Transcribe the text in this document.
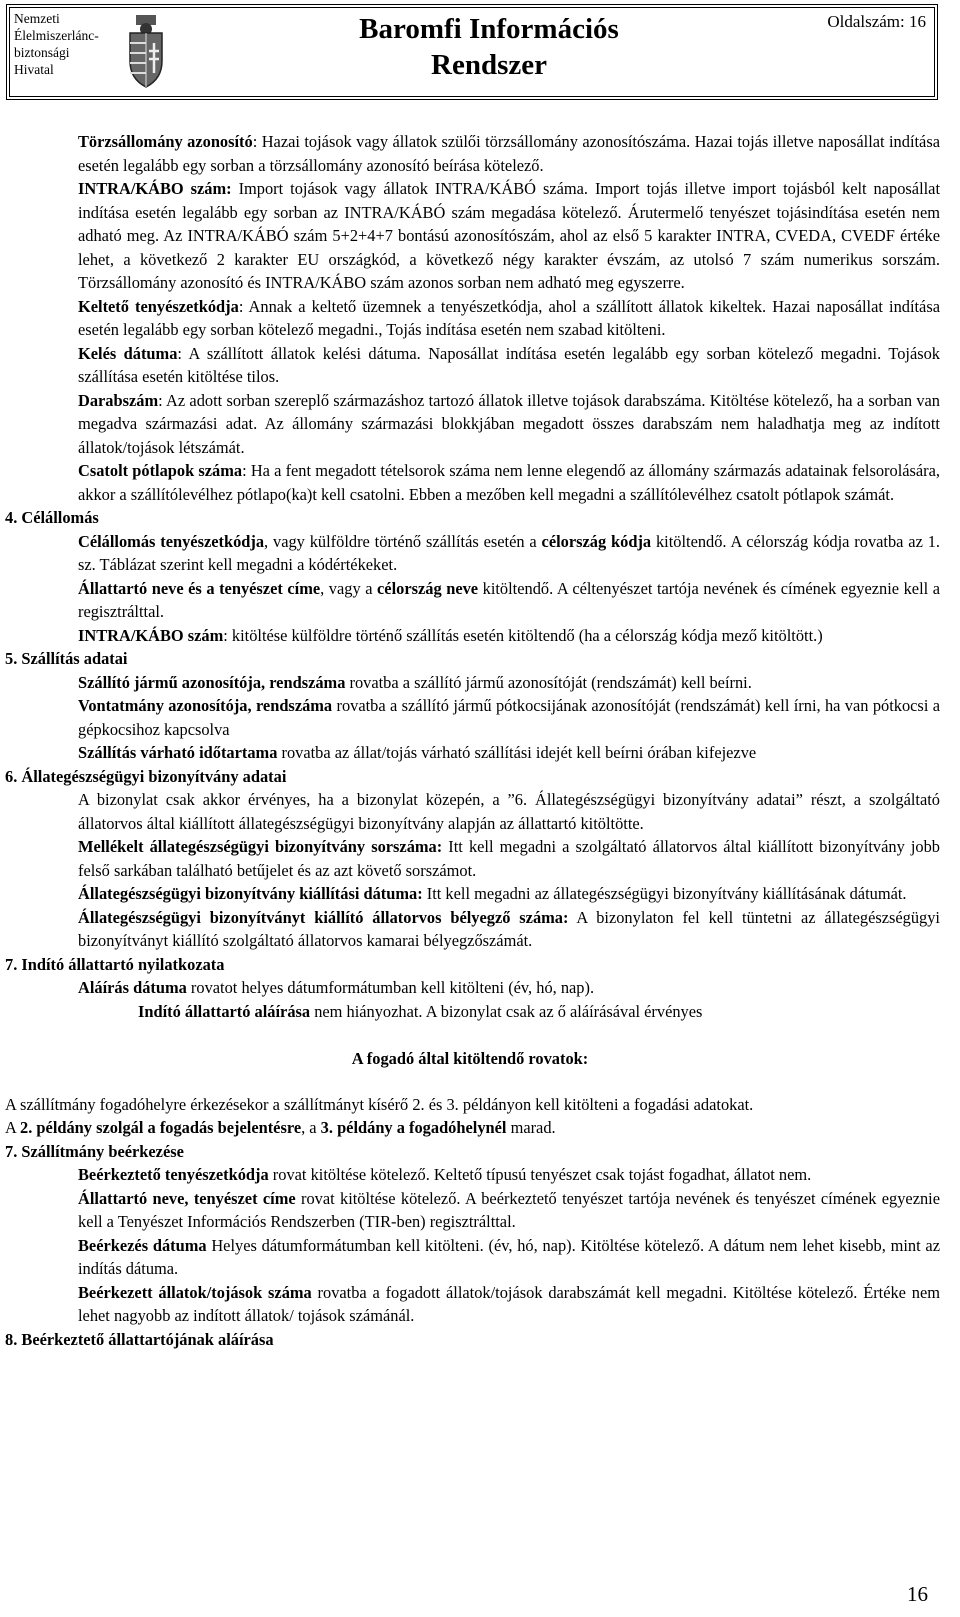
Nemzeti
Élelmiszerlánc-
biztonsági
Hivatal
Baromfi Információs
Rendszer
Oldalszám: 16

Törzsállomány azonosító: Hazai tojások vagy állatok szülői törzsállomány azonosítószáma. Hazai tojás illetve naposállat indítása esetén legalább egy sorban a törzsállomány azonosító beírása kötelező.

INTRA/KÁBO szám: Import tojások vagy állatok INTRA/KÁBÓ száma. Import tojás illetve import tojásból kelt naposállat indítása esetén legalább egy sorban az INTRA/KÁBÓ szám megadása kötelező. Árutermelő tenyészet tojásindítása esetén nem adható meg. Az INTRA/KÁBÓ szám 5+2+4+7 bontású azonosítószám, ahol az első 5 karakter INTRA, CVEDA, CVEDF értéke lehet, a következő 2 karakter EU országkód, a következő négy karakter évszám, az utolsó 7 szám numerikus sorszám. Törzsállomány azonosító és INTRA/KÁBO szám azonos sorban nem adható meg egyszerre.

Keltető tenyészetkódja: Annak a keltető üzemnek a tenyészetkódja, ahol a szállított állatok kikeltek. Hazai naposállat indítása esetén legalább egy sorban kötelező megadni., Tojás indítása esetén nem szabad kitölteni.

Kelés dátuma: A szállított állatok kelési dátuma. Naposállat indítása esetén legalább egy sorban kötelező megadni. Tojások szállítása esetén kitöltése tilos.

Darabszám: Az adott sorban szereplő származáshoz tartozó állatok illetve tojások darabszáma. Kitöltése kötelező, ha a sorban van megadva származási adat. Az állomány származási blokkjában megadott összes darabszám nem haladhatja meg az indított állatok/tojások létszámát.

Csatolt pótlapok száma: Ha a fent megadott tételsorok száma nem lenne elegendő az állomány származás adatainak felsorolására, akkor a szállítólevélhez pótlapo(ka)t kell csatolni. Ebben a mezőben kell megadni a szállítólevélhez csatolt pótlapok számát.

4. Célállomás

Célállomás tenyészetkódja, vagy külföldre történő szállítás esetén a célország kódja kitöltendő. A célország kódja rovatba az 1. sz. Táblázat szerint kell megadni a kódértékeket.

Állattartó neve és a tenyészet címe, vagy a célország neve kitöltendő. A céltenyészet tartója nevének és címének egyeznie kell a regisztrálttal.

INTRA/KÁBO szám: kitöltése külföldre történő szállítás esetén kitöltendő (ha a célország kódja mező kitöltött.)

5. Szállítás adatai

Szállító jármű azonosítója, rendszáma rovatba a szállító jármű azonosítóját (rendszámát) kell beírni.

Vontatmány azonosítója, rendszáma rovatba a szállító jármű pótkocsijának azonosítóját (rendszámát) kell írni, ha van pótkocsi a gépkocsihoz kapcsolva

Szállítás várható időtartama rovatba az állat/tojás várható szállítási idejét kell beírni órában kifejezve

6. Állategészségügyi bizonyítvány adatai

A bizonylat csak akkor érvényes, ha a bizonylat közepén, a ”6. Állategészségügyi bizonyítvány adatai” részt, a szolgáltató állatorvos által kiállított állategészségügyi bizonyítvány alapján az állattartó kitöltötte.

Mellékelt állategészségügyi bizonyítvány sorszáma: Itt kell megadni a szolgáltató állatorvos által kiállított bizonyítvány jobb felső sarkában található betűjelet és az azt követő sorszámot.

Állategészségügyi bizonyítvány kiállítási dátuma: Itt kell megadni az állategészségügyi bizonyítvány kiállításának dátumát.

Állategészségügyi bizonyítványt kiállító állatorvos bélyegző száma: A bizonylaton fel kell tüntetni az állategészségügyi bizonyítványt kiállító szolgáltató állatorvos kamarai bélyegzőszámát.

7. Indító állattartó nyilatkozata

Aláírás dátuma rovatot helyes dátumformátumban kell kitölteni (év, hó, nap).

Indító állattartó aláírása nem hiányozhat. A bizonylat csak az ő aláírásával érvényes

A fogadó által kitöltendő rovatok:

A szállítmány fogadóhelyre érkezésekor a szállítmányt kísérő 2. és 3. példányon kell kitölteni a fogadási adatokat.

A 2. példány szolgál a fogadás bejelentésre, a 3. példány a fogadóhelynél marad.

7. Szállítmány beérkezése

Beérkeztető tenyészetkódja rovat kitöltése kötelező. Keltető típusú tenyészet csak tojást fogadhat, állatot nem.

Állattartó neve, tenyészet címe rovat kitöltése kötelező. A beérkeztető tenyészet tartója nevének és tenyészet címének egyeznie kell a Tenyészet Információs Rendszerben (TIR-ben) regisztrálttal.

Beérkezés dátuma Helyes dátumformátumban kell kitölteni. (év, hó, nap). Kitöltése kötelező. A dátum nem lehet kisebb, mint az indítás dátuma.

Beérkezett állatok/tojások száma rovatba a fogadott állatok/tojások darabszámát kell megadni. Kitöltése kötelező. Értéke nem lehet nagyobb az indított állatok/ tojások számánál.

8. Beérkeztető állattartójának aláírása

16
